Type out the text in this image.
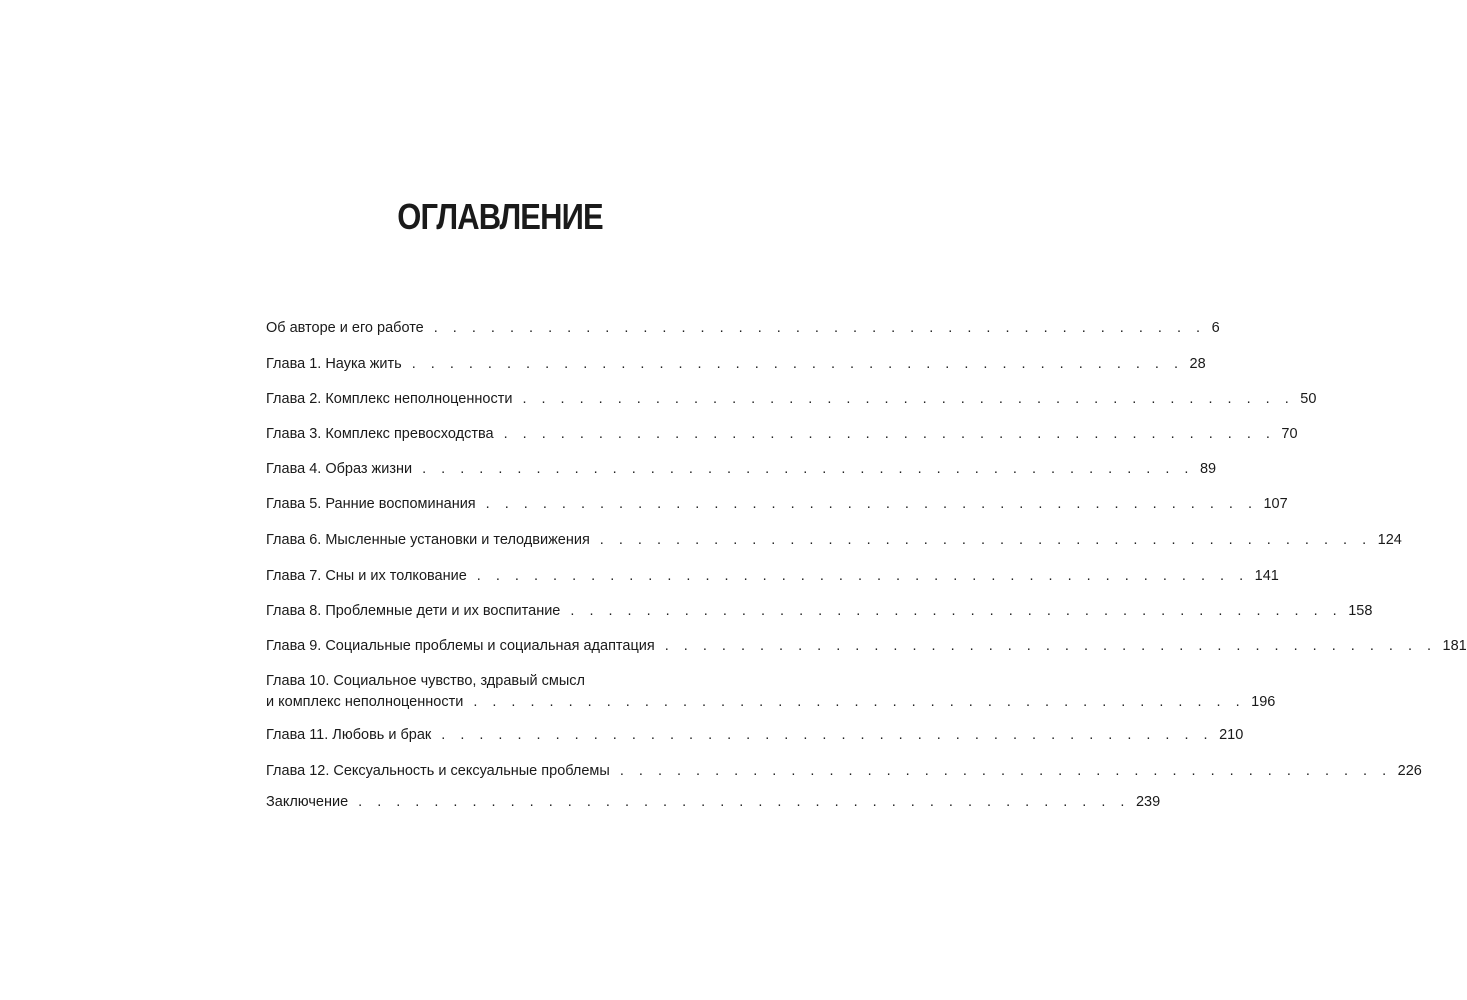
ОГЛАВЛЕНИЕ
Об авторе и его работе . . . . . . . . . . . . . . . . . . . . . . . . . . . . . . . . . . . . . . . . . 6
Глава 1. Наука жить . . . . . . . . . . . . . . . . . . . . . . . . . . . . . . . . . . . . . . . . . 28
Глава 2. Комплекс неполноценности . . . . . . . . . . . . . . . . . . . . . . . . . . . . . . . . . . . . . . . . . 50
Глава 3. Комплекс превосходства . . . . . . . . . . . . . . . . . . . . . . . . . . . . . . . . . . . . . . . . . 70
Глава 4. Образ жизни . . . . . . . . . . . . . . . . . . . . . . . . . . . . . . . . . . . . . . . . . 89
Глава 5. Ранние воспоминания . . . . . . . . . . . . . . . . . . . . . . . . . . . . . . . . . . . . . . . . . 107
Глава 6. Мысленные установки и телодвижения . . . . . . . . . . . . . . . . . . . . . . . . . . . . . . . . . . . . . . . . . 124
Глава 7. Сны и их толкование . . . . . . . . . . . . . . . . . . . . . . . . . . . . . . . . . . . . . . . . . 141
Глава 8. Проблемные дети и их воспитание . . . . . . . . . . . . . . . . . . . . . . . . . . . . . . . . . . . . . . . . . 158
Глава 9. Социальные проблемы и социальная адаптация . . . . . . . . . . . . . . . . . . . . . . . . . . . . . . . . . . . . . . . . . 181
Глава 10. Социальное чувство, здравый смысл
и комплекс неполноценности . . . . . . . . . . . . . . . . . . . . . . . . . . . . . . . . . . . . . . . . . 196
Глава 11. Любовь и брак . . . . . . . . . . . . . . . . . . . . . . . . . . . . . . . . . . . . . . . . . 210
Глава 12. Сексуальность и сексуальные проблемы . . . . . . . . . . . . . . . . . . . . . . . . . . . . . . . . . . . . . . . . . 226
Заключение . . . . . . . . . . . . . . . . . . . . . . . . . . . . . . . . . . . . . . . . . 239
